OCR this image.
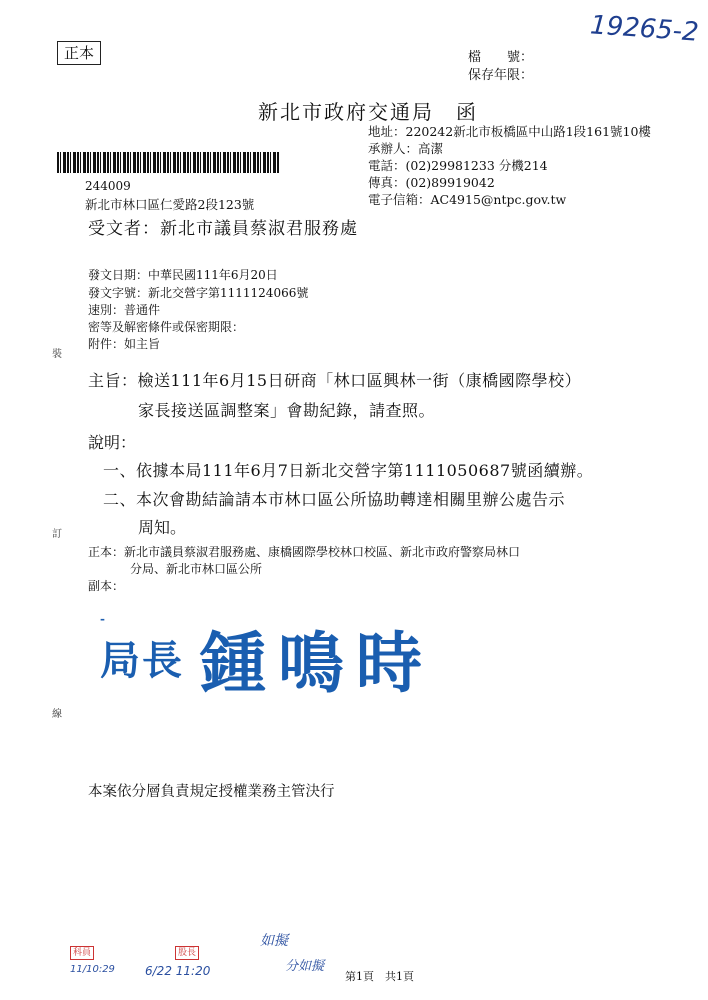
正本
19265-2
檔　　號：
保存年限：
新北市政府交通局　函
地址：220242新北市板橋區中山路1段161號10樓
承辦人：高潔
電話：(02)29981233 分機214
傳真：(02)89919042
電子信箱：AC4915@ntpc.gov.tw
244009
新北市林口區仁愛路2段123號
受文者：新北市議員蔡淑君服務處
發文日期：中華民國111年6月20日
發文字號：新北交營字第1111124066號
速別：普通件
密等及解密條件或保密期限：
附件：如主旨
裝
訂
線
主旨：檢送111年6月15日研商「林口區興林一街（康橋國際學校）
家長接送區調整案」會勘紀錄，請查照。
說明：
一、依據本局111年6月7日新北交營字第1111050687號函續辦。
二、本次會勘結論請本市林口區公所協助轉達相關里辦公處告示
周知。
正本：新北市議員蔡淑君服務處、康橋國際學校林口校區、新北市政府警察局林口
分局、新北市林口區公所
副本：
-
局長 鍾鳴時
本案依分層負責規定授權業務主管決行
科員
11/10:29
股長
6/22 11:20
如擬
分如擬
第1頁　共1頁
